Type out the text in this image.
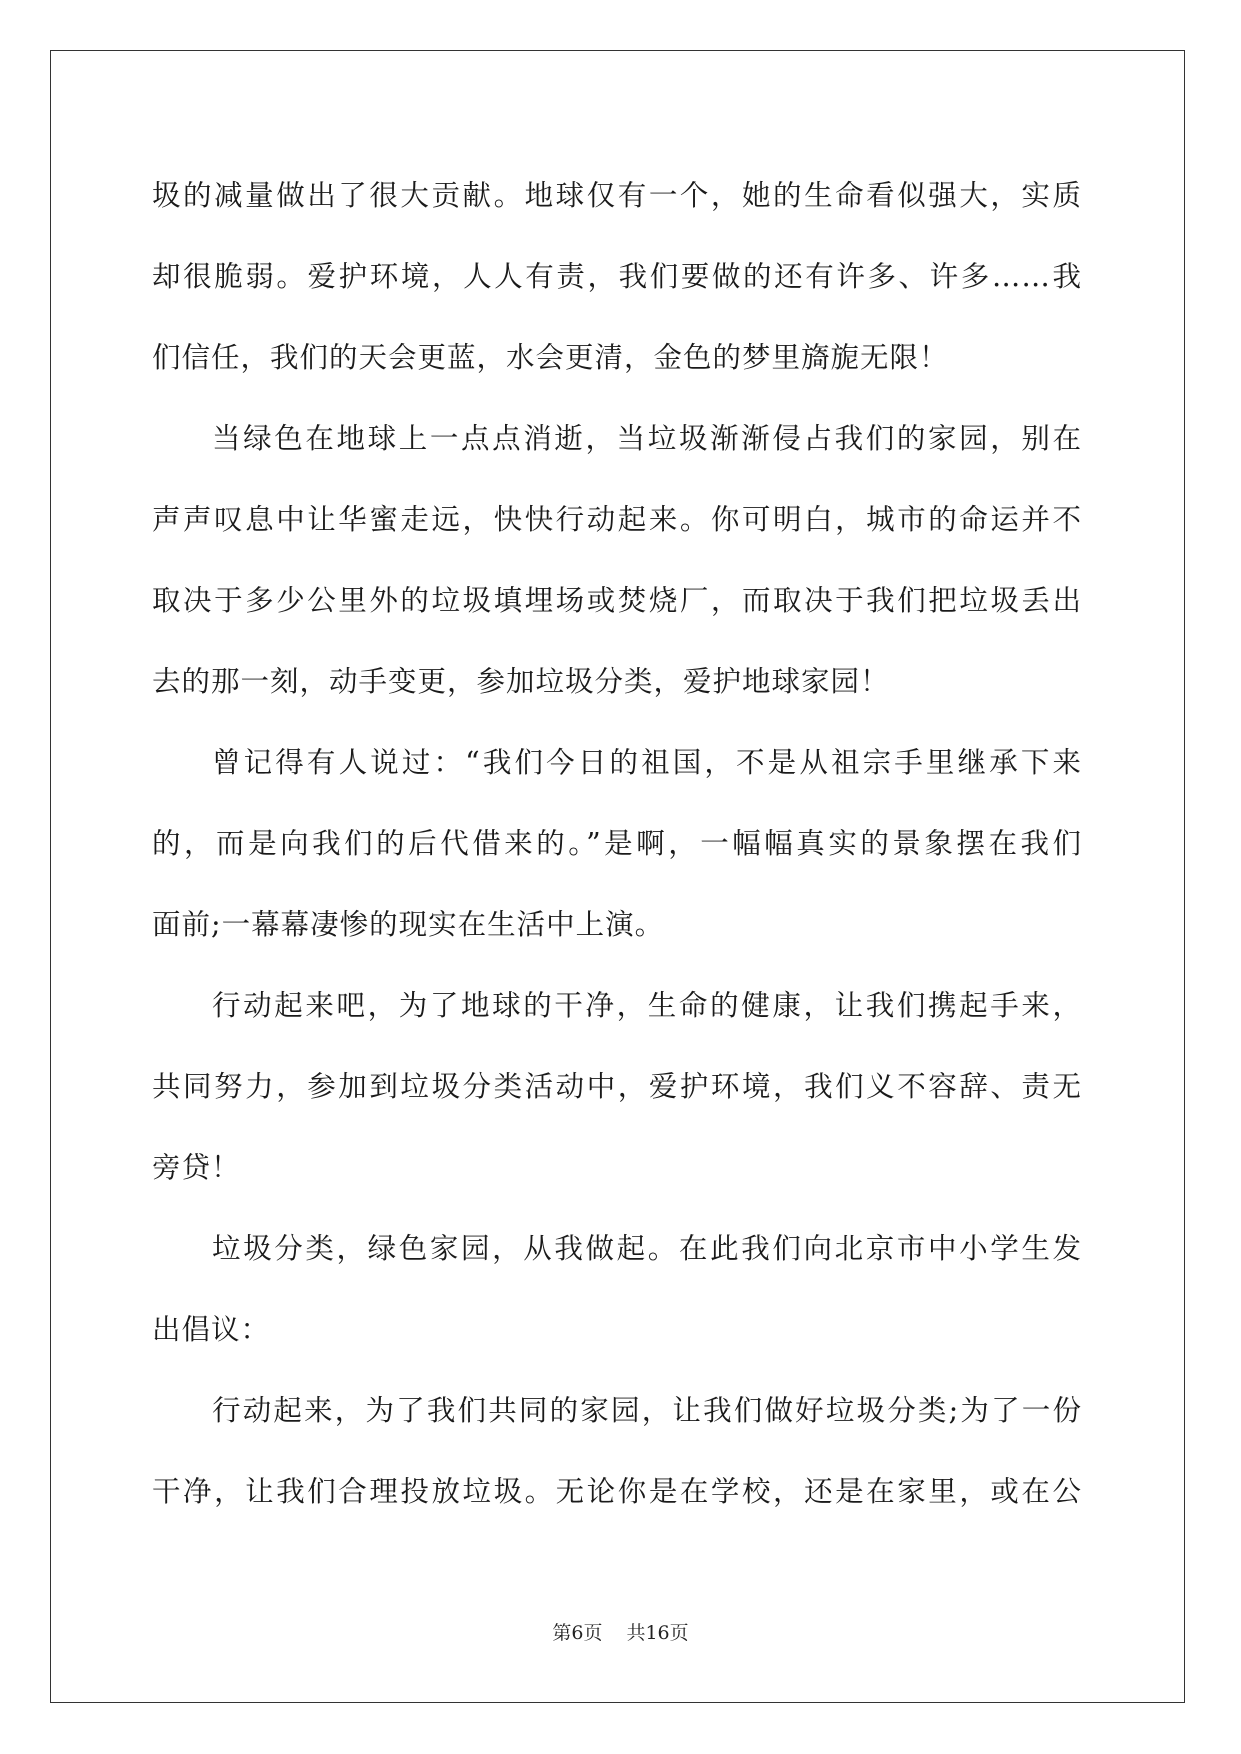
圾的减量做出了很大贡献。地球仅有一个，她的生命看似强大，实质
却很脆弱。爱护环境，人人有责，我们要做的还有许多、许多……我
们信任，我们的天会更蓝，水会更清，金色的梦里旖旎无限！
当绿色在地球上一点点消逝，当垃圾渐渐侵占我们的家园，别在
声声叹息中让华蜜走远，快快行动起来。你可明白，城市的命运并不
取决于多少公里外的垃圾填埋场或焚烧厂，而取决于我们把垃圾丢出
去的那一刻，动手变更，参加垃圾分类，爱护地球家园！
曾记得有人说过：“我们今日的祖国，不是从祖宗手里继承下来
的，而是向我们的后代借来的。”是啊，一幅幅真实的景象摆在我们
面前;一幕幕凄惨的现实在生活中上演。
行动起来吧，为了地球的干净，生命的健康，让我们携起手来，
共同努力，参加到垃圾分类活动中，爱护环境，我们义不容辞、责无
旁贷！
垃圾分类，绿色家园，从我做起。在此我们向北京市中小学生发
出倡议：
行动起来，为了我们共同的家园，让我们做好垃圾分类;为了一份
干净，让我们合理投放垃圾。无论你是在学校，还是在家里，或在公
第6页 共16页
